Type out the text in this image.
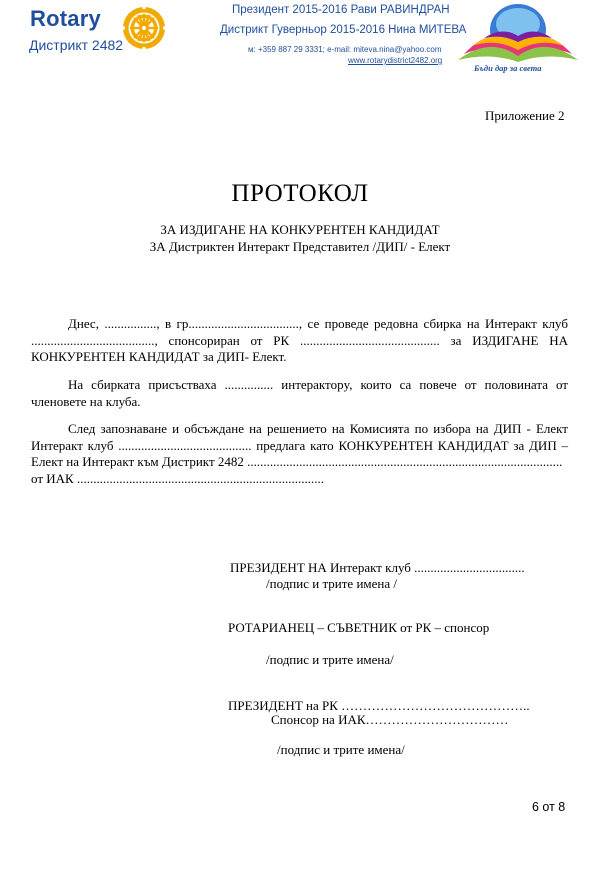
Rotary
Дистрикт 2482
Президент 2015-2016 Рави РАВИНДРАН
Дистрикт Гуверньор 2015-2016 Нина МИТЕВА
м: +359 887 29 3331; e-mail: miteva.nina@yahoo.com
www.rotarydistrict2482.org
Бъди дар за света
Приложение 2
ПРОТОКОЛ
ЗА ИЗДИГАНЕ НА КОНКУРЕНТЕН КАНДИДАТ
ЗА Дистриктен Интеракт Представител /ДИП/ - Елект

Днес, ................, в гр.................................., се проведе редовна сбирка на Интеракт клуб ......................................, спонсориран от РК ........................................... за ИЗДИГАНЕ НА КОНКУРЕНТЕН КАНДИДАТ за ДИП- Елект.

На сбирката присъстваха ............... интеракторy, които са повече от половината от членовете на клуба.

След запознаване и обсъждане на решението на Комисията по избора на ДИП - Елект Интеракт клуб ......................................... предлага като КОНКУРЕНТЕН КАНДИДАТ за ДИП – Елект на Интеракт към Дистрикт 2482 .................................................................................................

от ИАК ............................................................................

ПРЕЗИДЕНТ НА Интеракт клуб ..................................
/подпис и трите имена /
РОТАРИАНЕЦ – СЪВЕТНИК от РК – спонсор
/подпис и трите имена/
ПРЕЗИДЕНТ на РК ……………………………………..
Спонсор на ИАК……………………………
/подпис и трите имена/
6 от 8
